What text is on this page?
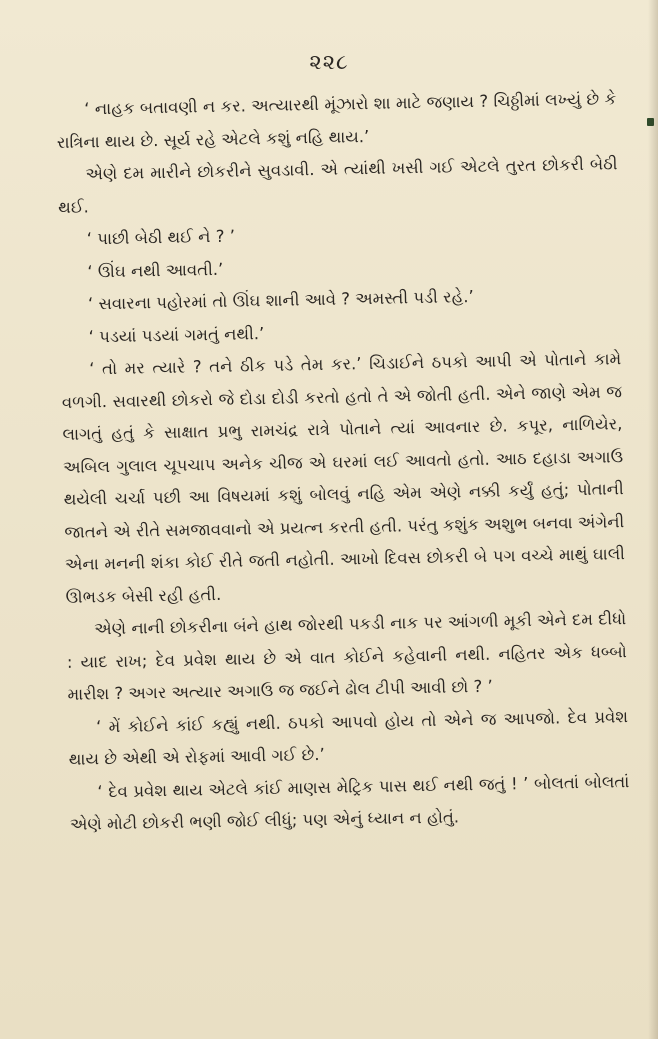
૨૨૮

‘ નાહક બતાવણી ન કર. અત્યારથી મૂંઝારો શા માટે જણાય ? ચિઠ્ઠીમાં લખ્યું છે કે રાત્રિના થાય છે. સૂર્ય રહે એટલે કશું નહિ થાય.’

એણે દમ મારીને છોકરીને સુવડાવી. એ ત્યાંથી ખસી ગઈ એટલે તુરત છોકરી બેઠી થઈ.

‘ પાછી બેઠી થઈ ને ? ’

‘ ઊંઘ નથી આવતી.’

‘ સવારના પહોરમાં તો ઊંઘ શાની આવે ? અમસ્તી પડી રહે.’

‘ પડયાં પડયાં ગમતું નથી.’

‘ તો મર ત્યારે ? તને ઠીક પડે તેમ કર.’ ચિડાઈને ઠપકો આપી એ પોતાને કામે વળગી. સવારથી છોકરો જે દોડા દોડી કરતો હતો તે એ જોતી હતી. એને જાણે એમ જ લાગતું હતું કે સાક્ષાત પ્રભુ રામચંદ્ર રાત્રે પોતાને ત્યાં આવનાર છે. કપૂર, નાળિયેર, અબિલ ગુલાલ ચૂપચાપ અનેક ચીજ એ ઘરમાં લઈ આવતો હતો. આઠ દહાડા અગાઉ થયેલી ચર્ચા પછી આ વિષયમાં કશું બોલવું નહિ એમ એણે નક્કી કર્યું હતું; પોતાની જાતને એ રીતે સમજાવવાનો એ પ્રયત્ન કરતી હતી. પરંતુ કશુંક અશુભ બનવા અંગેની એના મનની શંકા કોઈ રીતે જતી નહોતી. આખો દિવસ છોકરી બે પગ વચ્ચે માથું ઘાલી ઊભડક બેસી રહી હતી.

એણે નાની છોકરીના બંને હાથ જોરથી પકડી નાક પર આંગળી મૂકી એને દમ દીધો : યાદ રાખ; દેવ પ્રવેશ થાય છે એ વાત કોઈને કહેવાની નથી. નહિતર એક ધબ્બો મારીશ ? અગર અત્યાર અગાઉ જ જઈને ઢોલ ટીપી આવી છો ? ’

‘ મેં કોઈને કાંઈ કહ્યું નથી. ઠપકો આપવો હોય તો એને જ આપજો. દેવ પ્રવેશ થાય છે એથી એ રોફમાં આવી ગઈ છે.’

‘ દેવ પ્રવેશ થાય એટલે કાંઈ માણસ મેટ્રિક પાસ થઈ નથી જતું ! ’ બોલતાં બોલતાં એણે મોટી છોકરી ભણી જોઈ લીધું; પણ એનું ધ્યાન ન હોતું.
